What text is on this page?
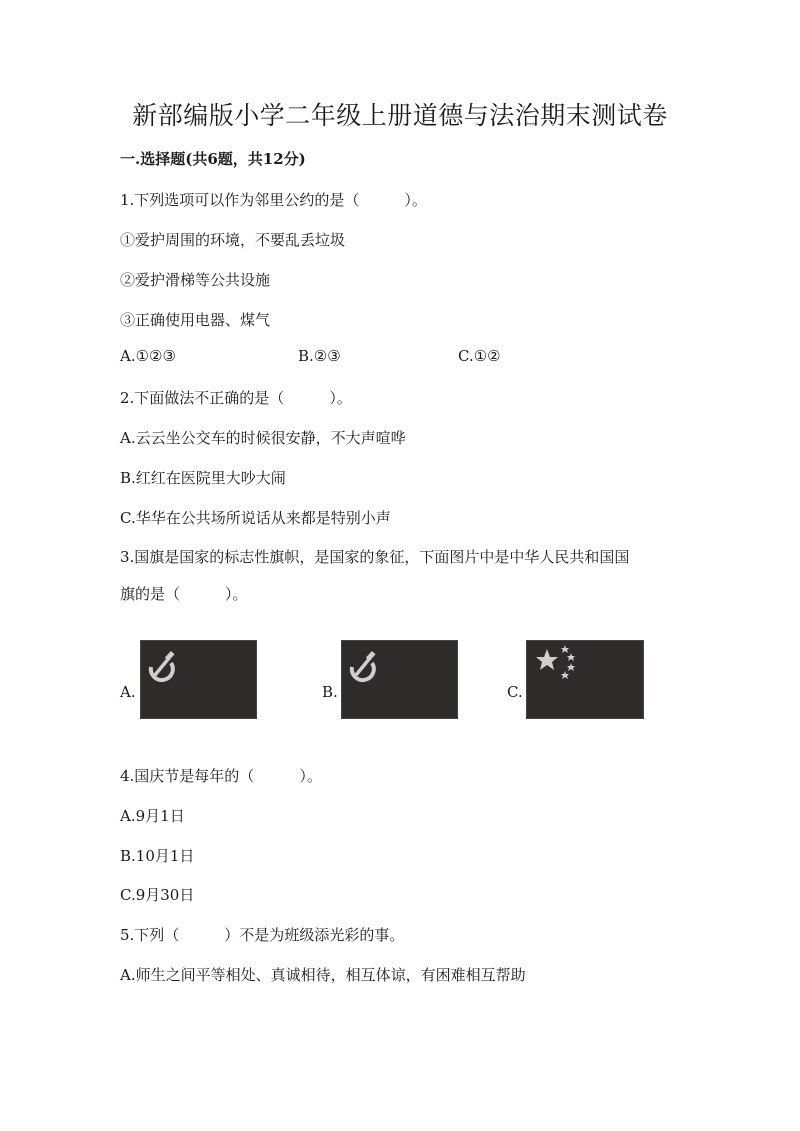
新部编版小学二年级上册道德与法治期末测试卷
一.选择题(共6题，共12分)
1.下列选项可以作为邻里公约的是（　　　）。
①爱护周围的环境，不要乱丢垃圾
②爱护滑梯等公共设施
③正确使用电器、煤气
A.①②③	B.②③	C.①②
2.下面做法不正确的是（　　　）。
A.云云坐公交车的时候很安静，不大声喧哗
B.红红在医院里大吵大闹
C.华华在公共场所说话从来都是特别小声
3.国旗是国家的标志性旗帜，是国家的象征，下面图片中是中华人民共和国国
旗的是（　　　）。
A.	B.	C.
4.国庆节是每年的（　　　）。
A.9月1日
B.10月1日
C.9月30日
5.下列（　　　）不是为班级添光彩的事。
A.师生之间平等相处、真诚相待，相互体谅，有困难相互帮助
